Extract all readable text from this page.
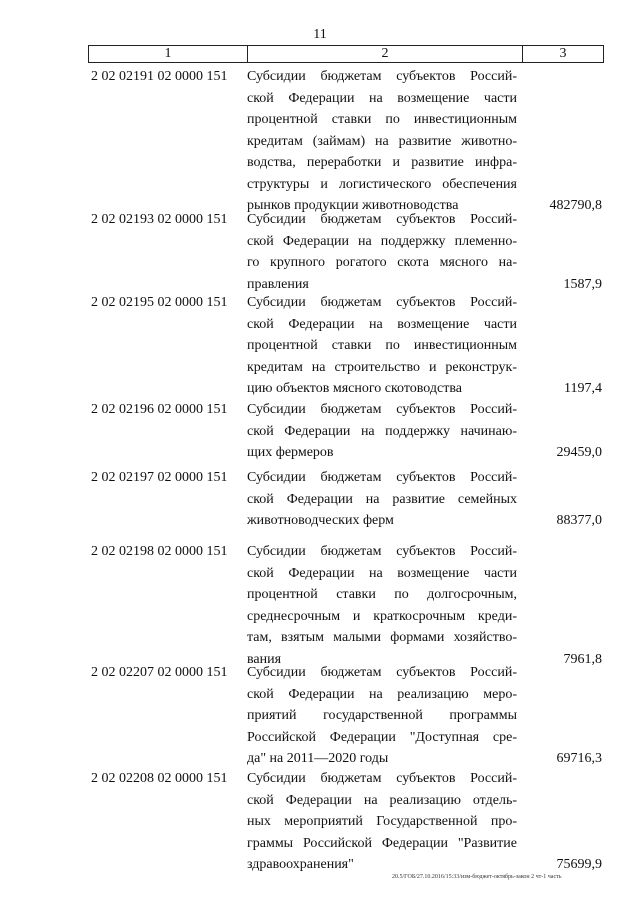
11
1	2	3
2 02 02191 02 0000 151 Субсидии бюджетам субъектов Россий-
ской Федерации на возмещение части
процентной ставки по инвестиционным
кредитам (займам) на развитие животно-
водства, переработки и развитие инфра-
структуры и логистического обеспечения
рынков продукции животноводства	482790,8
2 02 02193 02 0000 151 Субсидии бюджетам субъектов Россий-
ской Федерации на поддержку племенно-
го крупного рогатого скота мясного на-
правления	1587,9
2 02 02195 02 0000 151 Субсидии бюджетам субъектов Россий-
ской Федерации на возмещение части
процентной ставки по инвестиционным
кредитам на строительство и реконструк-
цию объектов мясного скотоводства	1197,4
2 02 02196 02 0000 151 Субсидии бюджетам субъектов Россий-
ской Федерации на поддержку начинаю-
щих фермеров	29459,0
2 02 02197 02 0000 151 Субсидии бюджетам субъектов Россий-
ской Федерации на развитие семейных
животноводческих ферм	88377,0
2 02 02198 02 0000 151 Субсидии бюджетам субъектов Россий-
ской Федерации на возмещение части
процентной ставки по долгосрочным,
среднесрочным и краткосрочным креди-
там, взятым малыми формами хозяйство-
вания	7961,8
2 02 02207 02 0000 151 Субсидии бюджетам субъектов Россий-
ской Федерации на реализацию меро-
приятий государственной программы
Российской Федерации "Доступная сре-
да" на 2011—2020 годы	69716,3
2 02 02208 02 0000 151 Субсидии бюджетам субъектов Россий-
ской Федерации на реализацию отдель-
ных мероприятий Государственной про-
граммы Российской Федерации "Развитие
здравоохранения"	75699,9
20.5/ГОБ/27.10.2016/15:33/изм-бюджет-октябрь-закон 2 чт-1 часть
